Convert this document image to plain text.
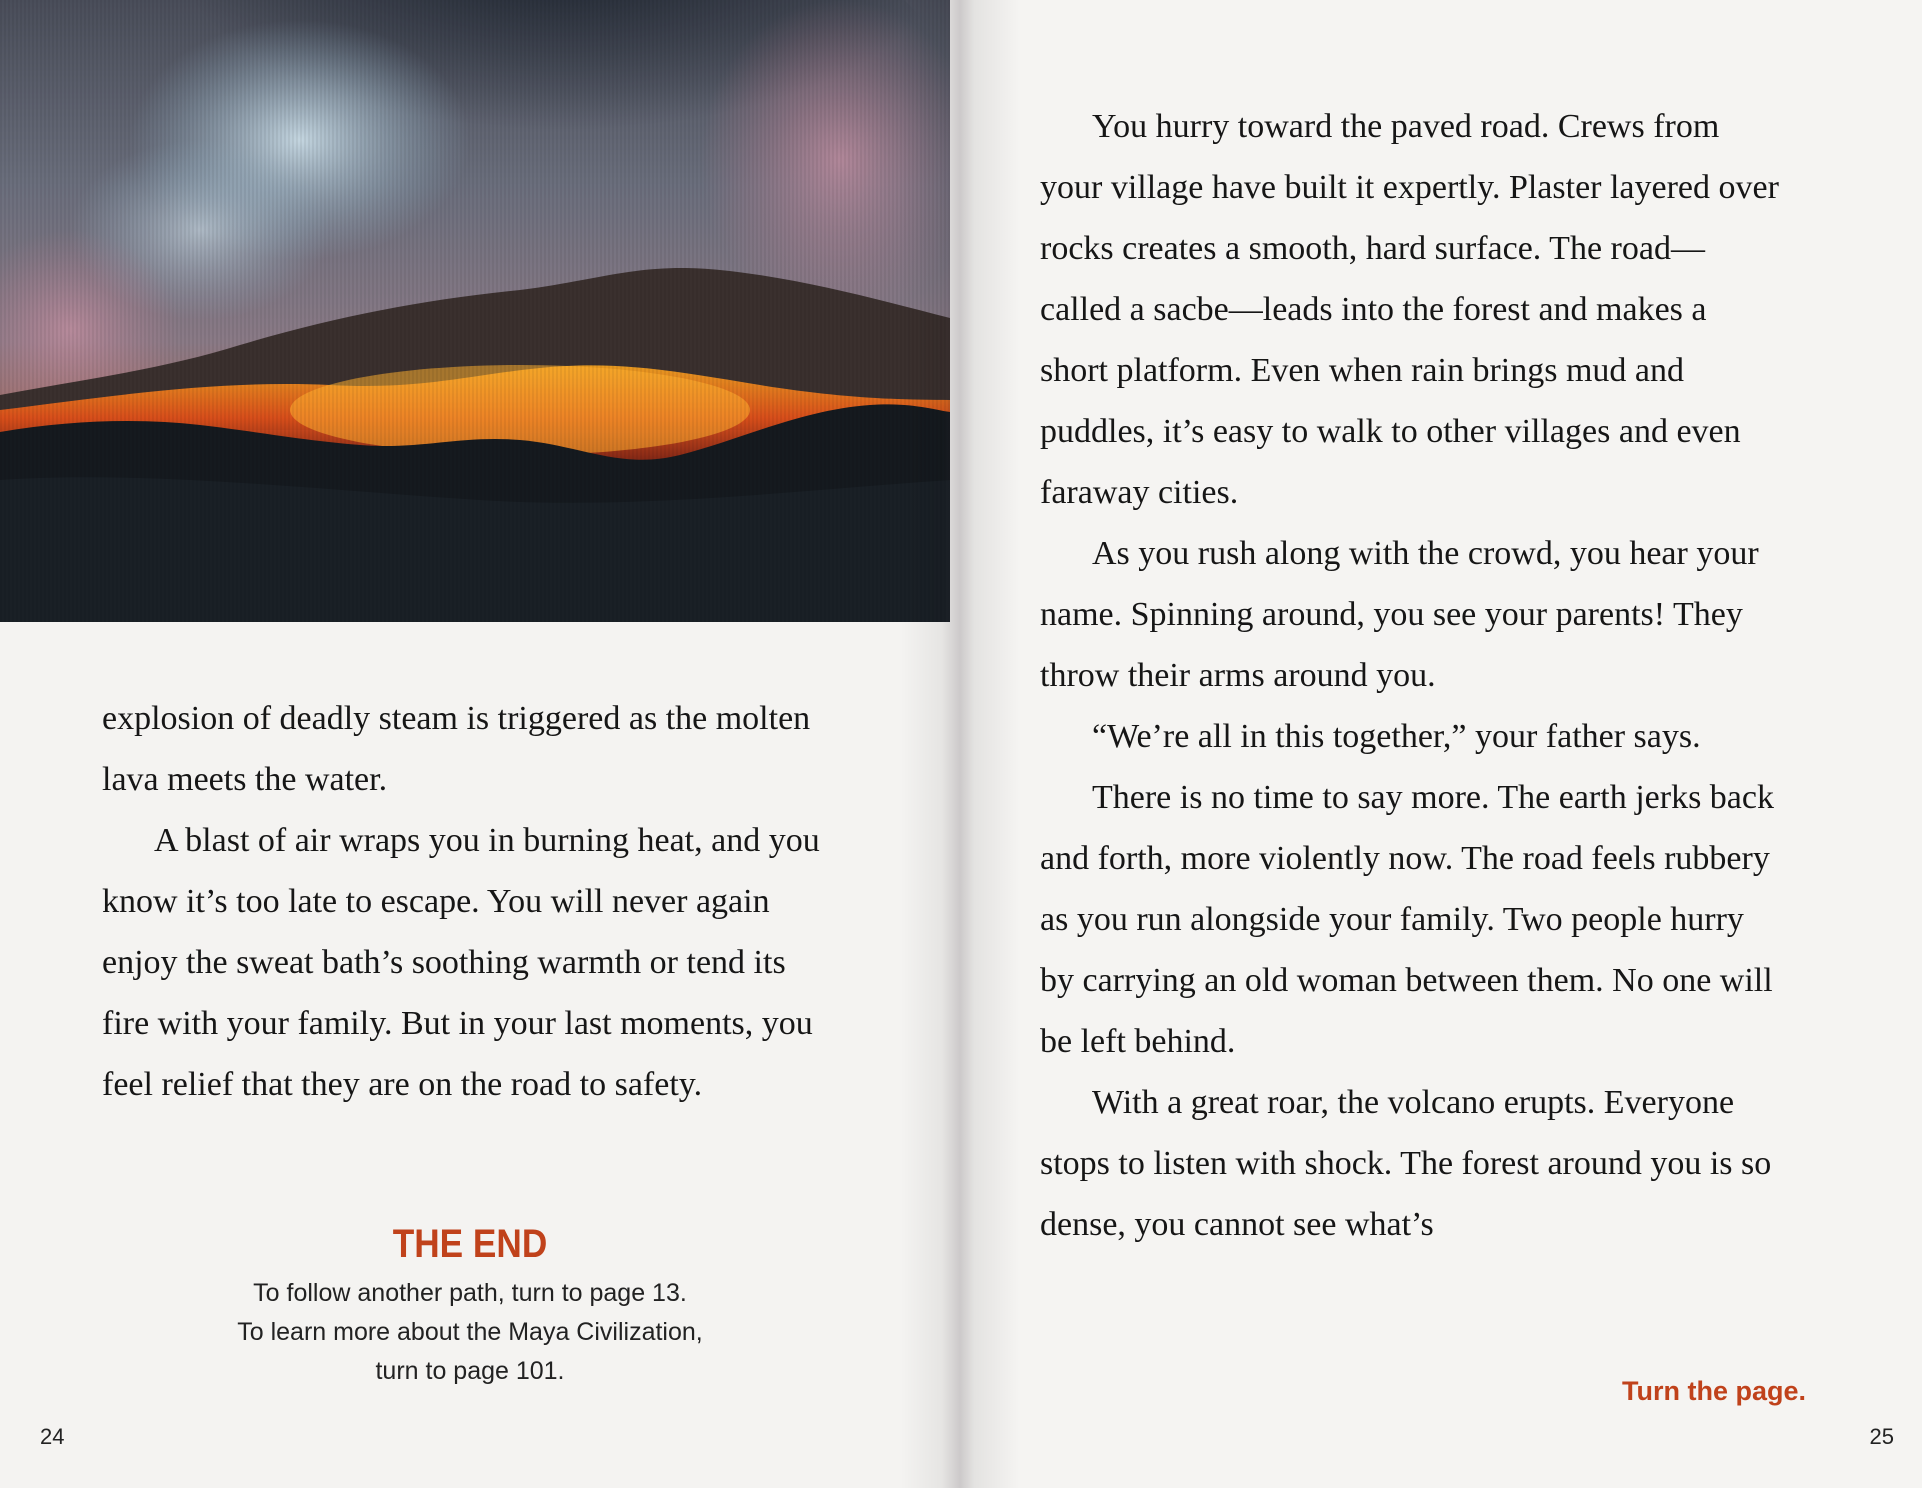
explosion of deadly steam is triggered as the molten lava meets the water.

A blast of air wraps you in burning heat, and you know it’s too late to escape. You will never again enjoy the sweat bath’s soothing warmth or tend its fire with your family. But in your last moments, you feel relief that they are on the road to safety.

THE END
To follow another path, turn to page 13.
To learn more about the Maya Civilization,
turn to page 101.
24

You hurry toward the paved road. Crews from your village have built it expertly. Plaster layered over rocks creates a smooth, hard surface. The road—called a sacbe—leads into the forest and makes a short platform. Even when rain brings mud and puddles, it’s easy to walk to other villages and even faraway cities.

As you rush along with the crowd, you hear your name. Spinning around, you see your parents! They throw their arms around you.

“We’re all in this together,” your father says.

There is no time to say more. The earth jerks back and forth, more violently now. The road feels rubbery as you run alongside your family. Two people hurry by carrying an old woman between them. No one will be left behind.

With a great roar, the volcano erupts. Everyone stops to listen with shock. The forest around you is so dense, you cannot see what’s

Turn the page.
25
